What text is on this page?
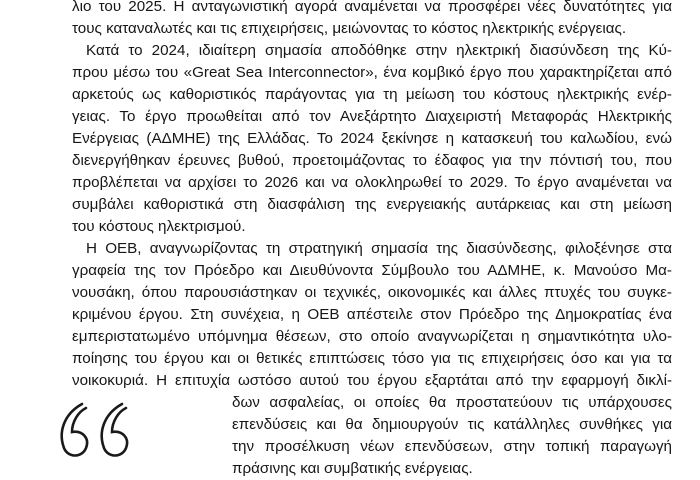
λιο του 2025. Η ανταγωνιστική αγορά αναμένεται να προσφέρει νέες δυνατότητες για
τους καταναλωτές και τις επιχειρήσεις, μειώνοντας το κόστος ηλεκτρικής ενέργειας.
Κατά το 2024, ιδιαίτερη σημασία αποδόθηκε στην ηλεκτρική διασύνδεση της Κύ-
πρου μέσω του «Great Sea Interconnector», ένα κομβικό έργο που χαρακτηρίζεται από
αρκετούς ως καθοριστικός παράγοντας για τη μείωση του κόστους ηλεκτρικής ενέρ-
γειας. Το έργο προωθείται από τον Ανεξάρτητο Διαχειριστή Μεταφοράς Ηλεκτρικής
Ενέργειας (ΑΔΜΗΕ) της Ελλάδας. Το 2024 ξεκίνησε η κατασκευή του καλωδίου, ενώ
διενεργήθηκαν έρευνες βυθού, προετοιμάζοντας το έδαφος για την πόντισή του, που
προβλέπεται να αρχίσει το 2026 και να ολοκληρωθεί το 2029. Το έργο αναμένεται να
συμβάλει καθοριστικά στη διασφάλιση της ενεργειακής αυτάρκειας και στη μείωση
του κόστους ηλεκτρισμού.
Η ΟΕΒ, αναγνωρίζοντας τη στρατηγική σημασία της διασύνδεσης, φιλοξένησε στα
γραφεία της τον Πρόεδρο και Διευθύνοντα Σύμβουλο του ΑΔΜΗΕ, κ. Μανούσο Μα-
νουσάκη, όπου παρουσιάστηκαν οι τεχνικές, οικονομικές και άλλες πτυχές του συγκε-
κριμένου έργου. Στη συνέχεια, η ΟΕΒ απέστειλε στον Πρόεδρο της Δημοκρατίας ένα
εμπεριστατωμένο υπόμνημα θέσεων, στο οποίο αναγνωρίζεται η σημαντικότητα υλο-
ποίησης του έργου και οι θετικές επιπτώσεις τόσο για τις επιχειρήσεις όσο και για τα
νοικοκυριά. Η επιτυχία ωστόσο αυτού του έργου εξαρτάται από την εφαρμογή δικλί-
δων ασφαλείας, οι οποίες θα προστατεύουν τις υπάρχουσες
επενδύσεις και θα δημιουργούν τις κατάλληλες συνθήκες για
την προσέλκυση νέων επενδύσεων, στην τοπική παραγωγή
πράσινης και συμβατικής ενέργειας.
